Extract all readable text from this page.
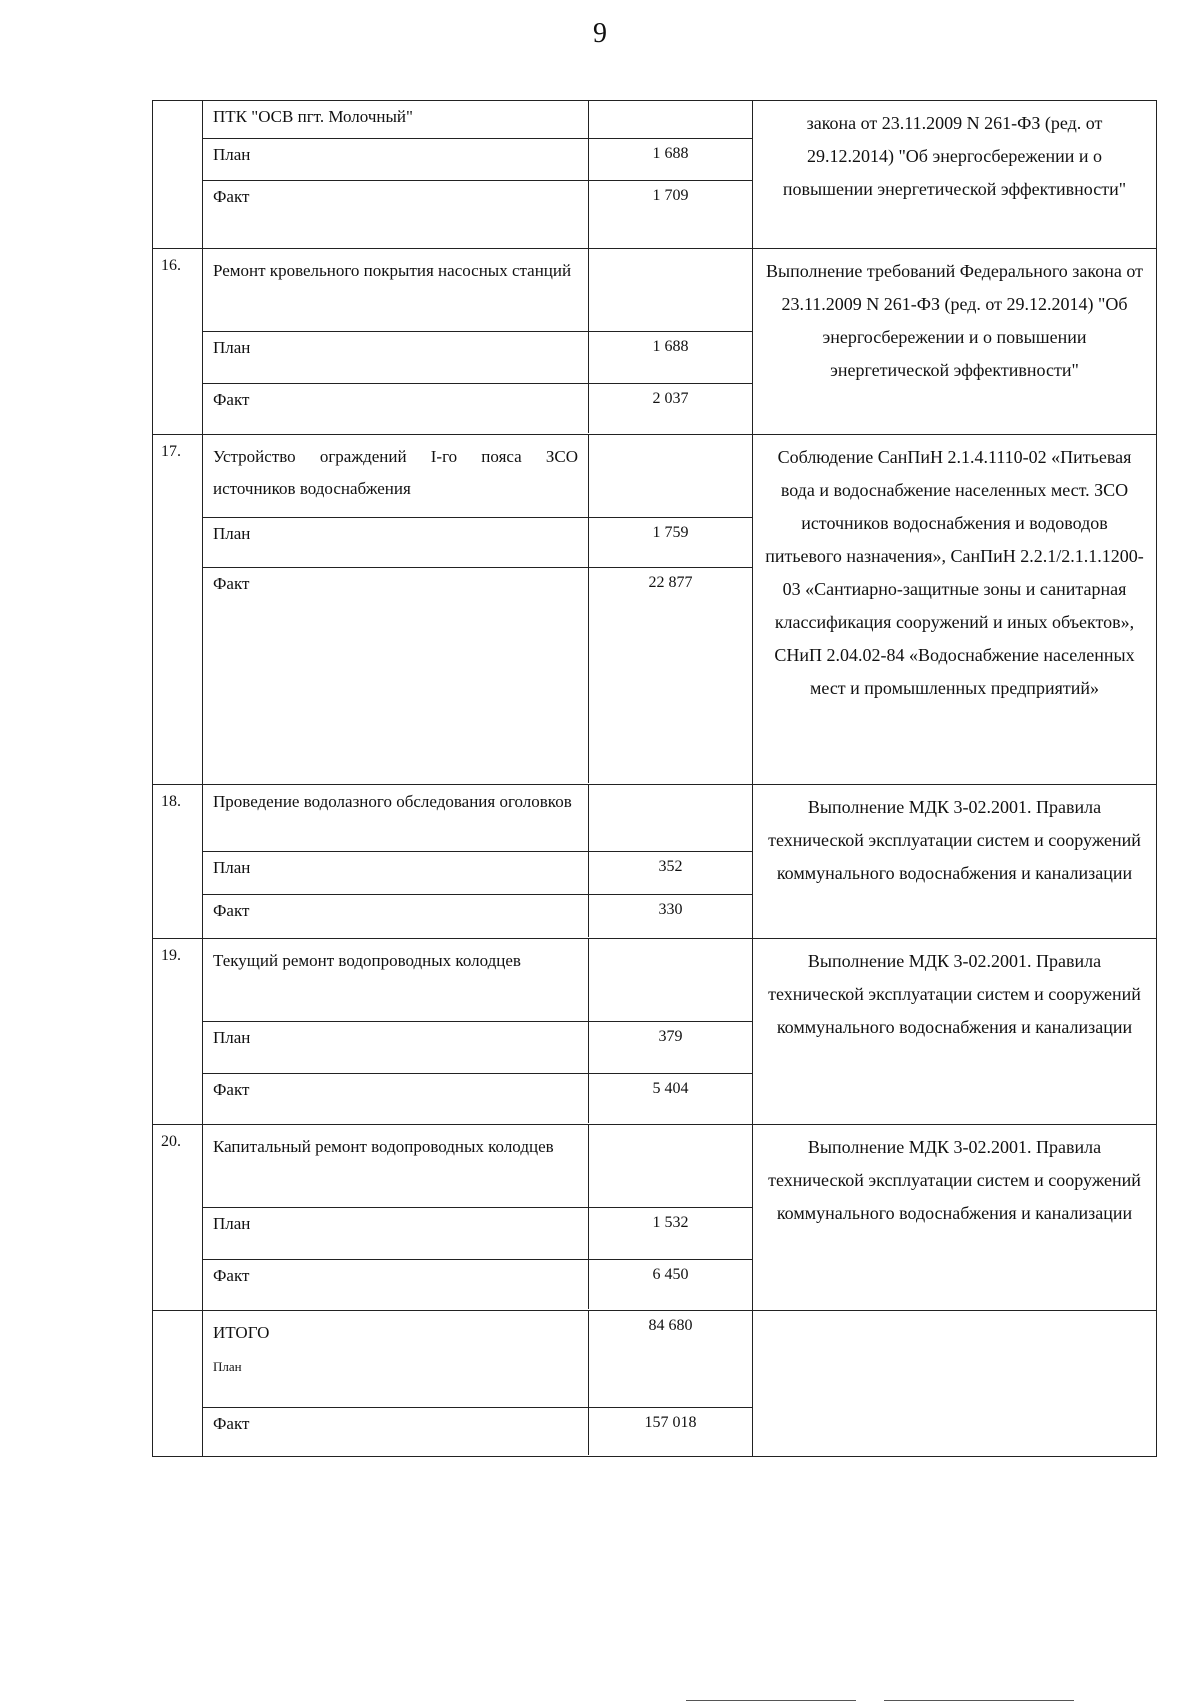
9

ПТК "ОСВ пгт. Молочный"	
План	1 688
Факт	1 709

закона от 23.11.2009 N 261-ФЗ (ред. от 29.12.2014) "Об энергосбережении и о повышении энергетической эффективности"

16.	Ремонт кровельного покрытия насосных станций

План	1 688
Факт	2 037

Выполнение требований Федерального закона от 23.11.2009 N 261-ФЗ (ред. от 29.12.2014) "Об энергосбережении и о повышении энергетической эффективности"

17.	Устройство ограждений I-го пояса ЗСО источников водоснабжения

План	1 759
Факт	22 877

Соблюдение СанПиН 2.1.4.1110-02 «Питьевая вода и водоснабжение населенных мест. ЗСО источников водоснабжения и водоводов питьевого назначения», СанПиН 2.2.1/2.1.1.1200-03 «Сантиарно-защитные зоны и санитарная классификация сооружений и иных объектов», СНиП 2.04.02-84 «Водоснабжение населенных мест и промышленных предприятий»

18.	Проведение водолазного обследования оголовков

План	352
Факт	330

Выполнение МДК 3-02.2001. Правила технической эксплуатации систем и сооружений коммунального водоснабжения и канализации

19.	Текущий ремонт водопроводных колодцев

План	379
Факт	5 404

Выполнение МДК 3-02.2001. Правила технической эксплуатации систем и сооружений коммунального водоснабжения и канализации

20.	Капитальный ремонт водопроводных колодцев

План	1 532
Факт	6 450

Выполнение МДК 3-02.2001. Правила технической эксплуатации систем и сооружений коммунального водоснабжения и канализации

ИТОГО
План
	84 680
Факт	157 018
